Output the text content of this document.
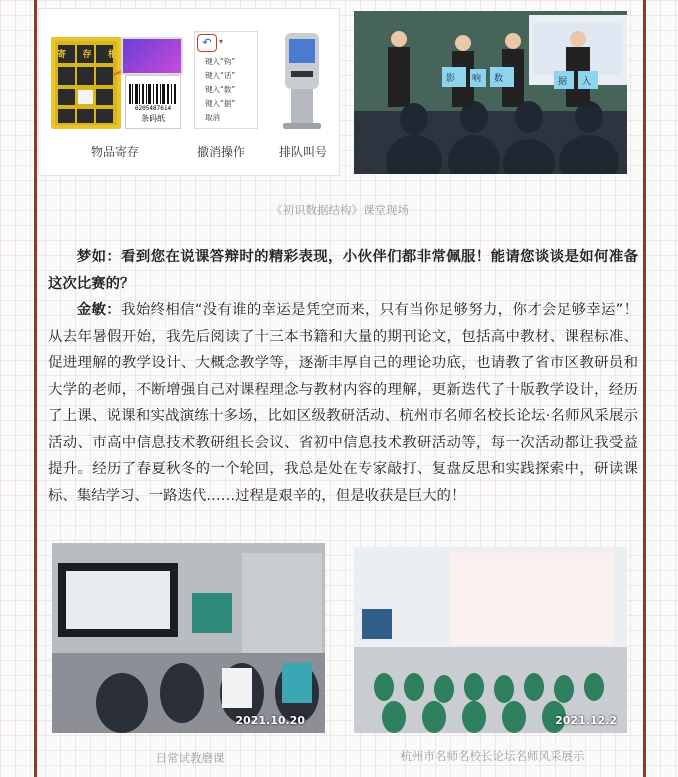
寄 存 柜
6205487614
条码纸
↶ ▾
键入“钩”
键入“话”
键入“数”
键入“据”
取消
物品寄存	撤消操作	排队叫号
影 响 数	据 入
《初识数据结构》课堂现场

梦如：看到您在说课答辩时的精彩表现，小伙伴们都非常佩服！能请您谈谈是如何准备这次比赛的？

金敏：我始终相信“没有谁的幸运是凭空而来，只有当你足够努力，你才会足够幸运”！从去年暑假开始，我先后阅读了十三本书籍和大量的期刊论文，包括高中教材、课程标准、促进理解的教学设计、大概念教学等，逐渐丰厚自己的理论功底，也请教了省市区教研员和大学的老师，不断增强自己对课程理念与教材内容的理解，更新迭代了十版教学设计，经历了上课、说课和实战演练十多场，比如区级教研活动、杭州市名师名校长论坛·名师风采展示活动、市高中信息技术教研组长会议、省初中信息技术教研活动等，每一次活动都让我受益提升。经历了春夏秋冬的一个轮回，我总是处在专家敲打、复盘反思和实践探索中，研读课标、集结学习、一路迭代……过程是艰辛的，但是收获是巨大的！

2021.10.20	2021.12.2
日常试教磨课	杭州市名师名校长论坛名师风采展示
